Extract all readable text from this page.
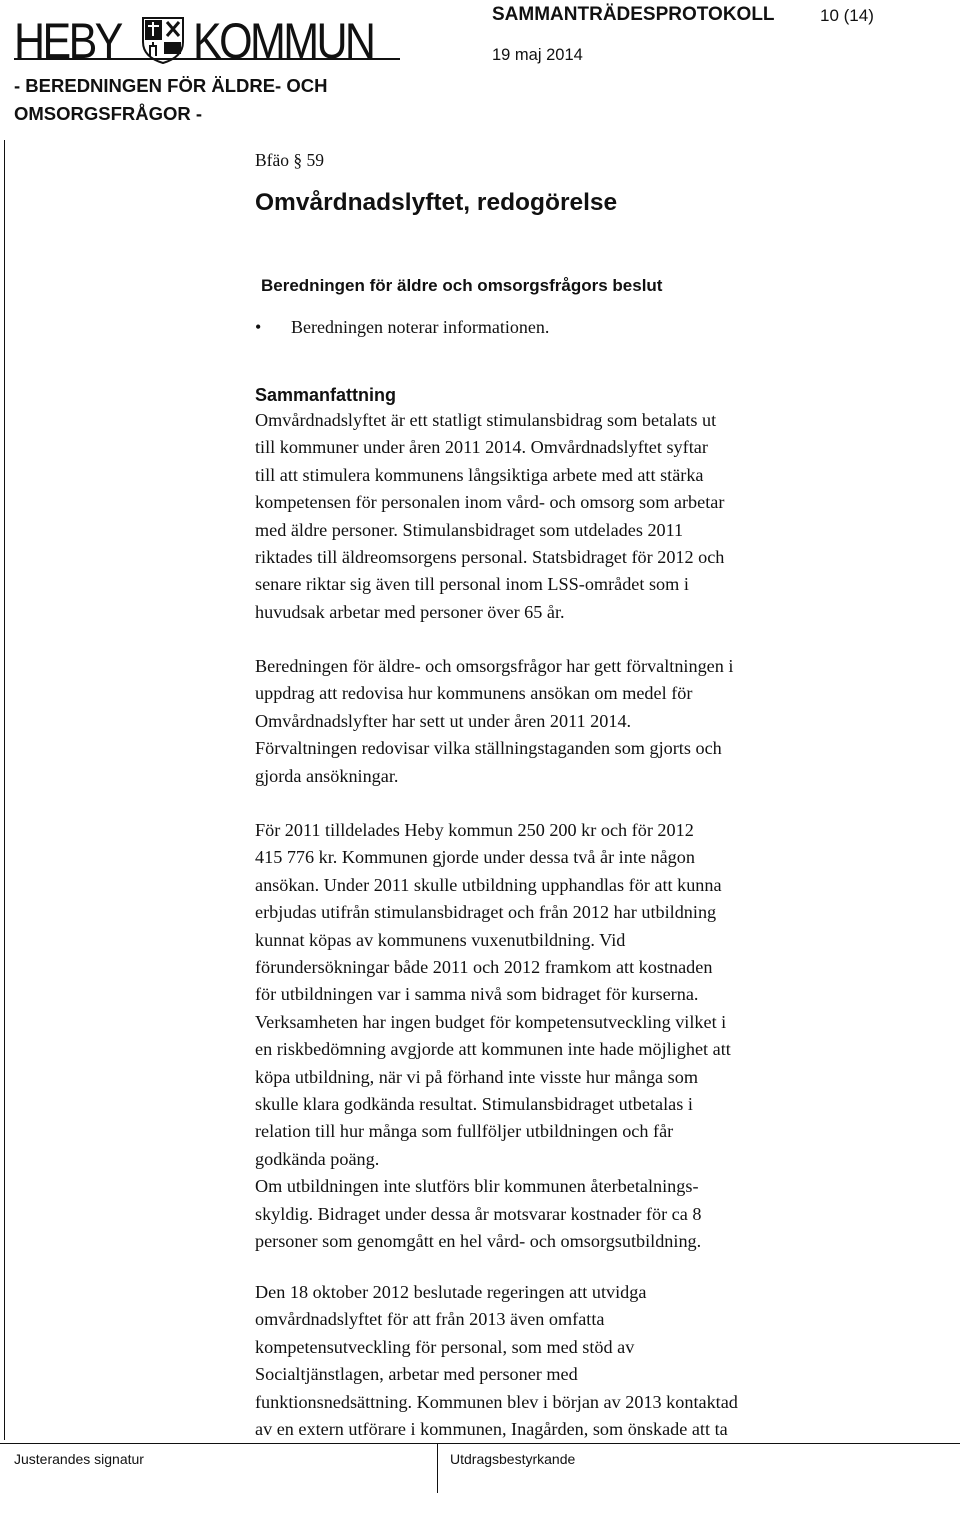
HEBY KOMMUN
- BEREDNINGEN FÖR ÄLDRE- OCH
OMSORGSFRÅGOR -
SAMMANTRÄDESPROTOKOLL	10 (14)
19 maj 2014
Bfäo § 59
Omvårdnadslyftet, redogörelse
Beredningen för äldre och omsorgsfrågors beslut
•	Beredningen noterar informationen.
Sammanfattning
Omvårdnadslyftet är ett statligt stimulansbidrag som betalats ut
till kommuner under åren 2011 2014. Omvårdnadslyftet syftar
till att stimulera kommunens långsiktiga arbete med att stärka
kompetensen för personalen inom vård- och omsorg som arbetar
med äldre personer. Stimulansbidraget som utdelades 2011
riktades till äldreomsorgens personal. Statsbidraget för 2012 och
senare riktar sig även till personal inom LSS-området som i
huvudsak arbetar med personer över 65 år.
Beredningen för äldre- och omsorgsfrågor har gett förvaltningen i
uppdrag att redovisa hur kommunens ansökan om medel för
Omvårdnadslyfter har sett ut under åren 2011 2014.
Förvaltningen redovisar vilka ställningstaganden som gjorts och
gjorda ansökningar.
För 2011 tilldelades Heby kommun 250 200 kr och för 2012
415 776 kr. Kommunen gjorde under dessa två år inte någon
ansökan. Under 2011 skulle utbildning upphandlas för att kunna
erbjudas utifrån stimulansbidraget och från 2012 har utbildning
kunnat köpas av kommunens vuxenutbildning. Vid
förundersökningar både 2011 och 2012 framkom att kostnaden
för utbildningen var i samma nivå som bidraget för kurserna.
Verksamheten har ingen budget för kompetensutveckling vilket i
en riskbedömning avgjorde att kommunen inte hade möjlighet att
köpa utbildning, när vi på förhand inte visste hur många som
skulle klara godkända resultat. Stimulansbidraget utbetalas i
relation till hur många som fullföljer utbildningen och får
godkända poäng.
Om utbildningen inte slutförs blir kommunen återbetalnings-
skyldig. Bidraget under dessa år motsvarar kostnader för ca 8
personer som genomgått en hel vård- och omsorgsutbildning.
Den 18 oktober 2012 beslutade regeringen att utvidga
omvårdnadslyftet för att från 2013 även omfatta
kompetensutveckling för personal, som med stöd av
Socialtjänstlagen, arbetar med personer med
funktionsnedsättning. Kommunen blev i början av 2013 kontaktad
av en extern utförare i kommunen, Inagården, som önskade att ta
Justerandes signatur	Utdragsbestyrkande
